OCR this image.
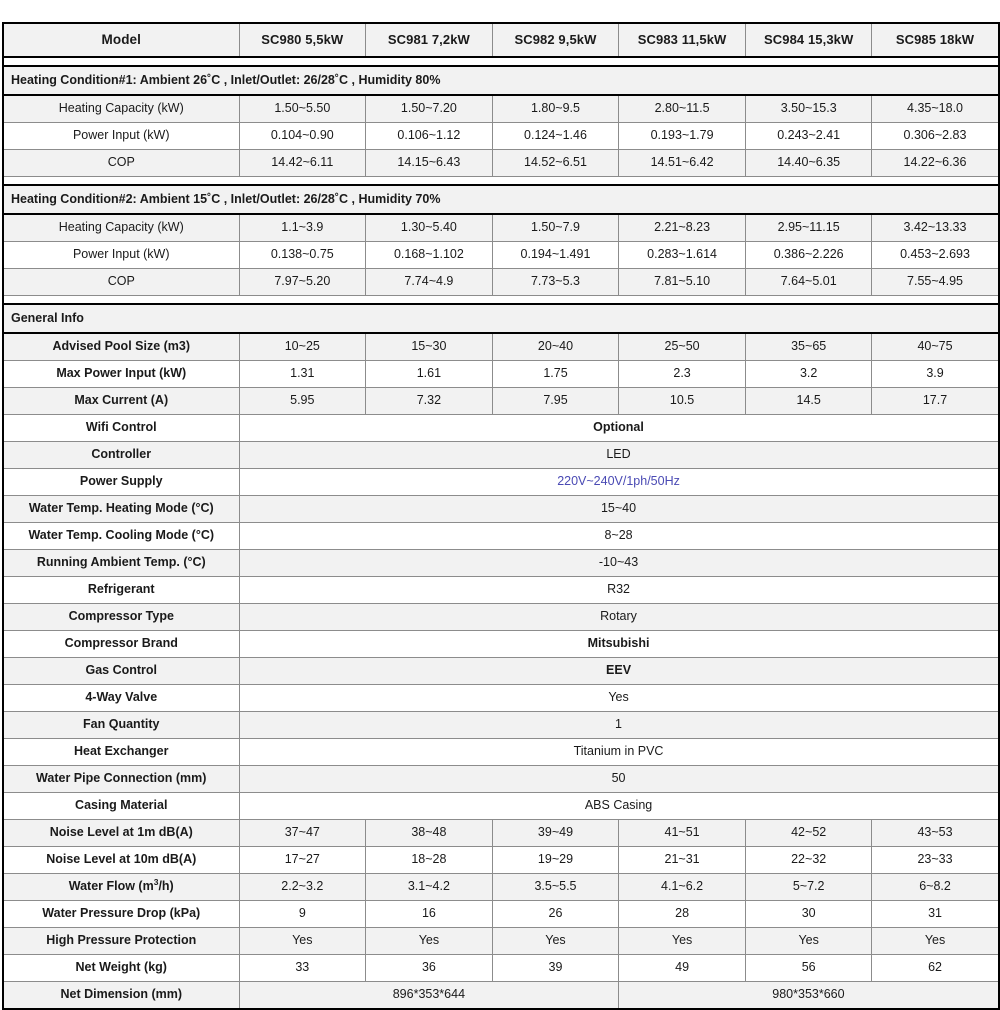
Model	SC980 5,5kW	SC981 7,2kW	SC982 9,5kW	SC983 11,5kW	SC984 15,3kW	SC985 18kW

Heating Condition#1: Ambient 26˚C , Inlet/Outlet: 26/28˚C , Humidity 80%						
Heating Capacity (kW)	1.50~5.50	1.50~7.20	1.80~9.5	2.80~11.5	3.50~15.3	4.35~18.0
Power Input (kW)	0.104~0.90	0.106~1.12	0.124~1.46	0.193~1.79	0.243~2.41	0.306~2.83
COP	14.42~6.11	14.15~6.43	14.52~6.51	14.51~6.42	14.40~6.35	14.22~6.36

Heating Condition#2: Ambient 15˚C , Inlet/Outlet: 26/28˚C , Humidity 70%						
Heating Capacity (kW)	1.1~3.9	1.30~5.40	1.50~7.9	2.21~8.23	2.95~11.15	3.42~13.33
Power Input (kW)	0.138~0.75	0.168~1.102	0.194~1.491	0.283~1.614	0.386~2.226	0.453~2.693
COP	7.97~5.20	7.74~4.9	7.73~5.3	7.81~5.10	7.64~5.01	7.55~4.95

General Info						
Advised Pool Size (m3)	10~25	15~30	20~40	25~50	35~65	40~75
Max Power Input (kW)	1.31	1.61	1.75	2.3	3.2	3.9
Max Current (A)	5.95	7.32	7.95	10.5	14.5	17.7
Wifi Control	Optional					
Controller	LED					
Power Supply	220V~240V/1ph/50Hz					
Water Temp. Heating Mode (°C)	15~40					
Water Temp. Cooling Mode (°C)	8~28					
Running Ambient Temp. (°C)	-10~43					
Refrigerant	R32					
Compressor Type	Rotary					
Compressor Brand	Mitsubishi					
Gas Control	EEV					
4-Way Valve	Yes					
Fan Quantity	1					
Heat Exchanger	Titanium in PVC					
Water Pipe Connection (mm)	50					
Casing Material	ABS Casing					
Noise Level at 1m dB(A)	37~47	38~48	39~49	41~51	42~52	43~53
Noise Level at 10m dB(A)	17~27	18~28	19~29	21~31	22~32	23~33
Water Flow $(m^3/h)$	2.2~3.2	3.1~4.2	3.5~5.5	4.1~6.2	5~7.2	6~8.2
Water Pressure Drop (kPa)	9	16	26	28	30	31
High Pressure Protection	Yes	Yes	Yes	Yes	Yes	Yes
Net Weight (kg)	33	36	39	49	56	62
Net Dimension (mm)	896*353*644			980*353*660		
